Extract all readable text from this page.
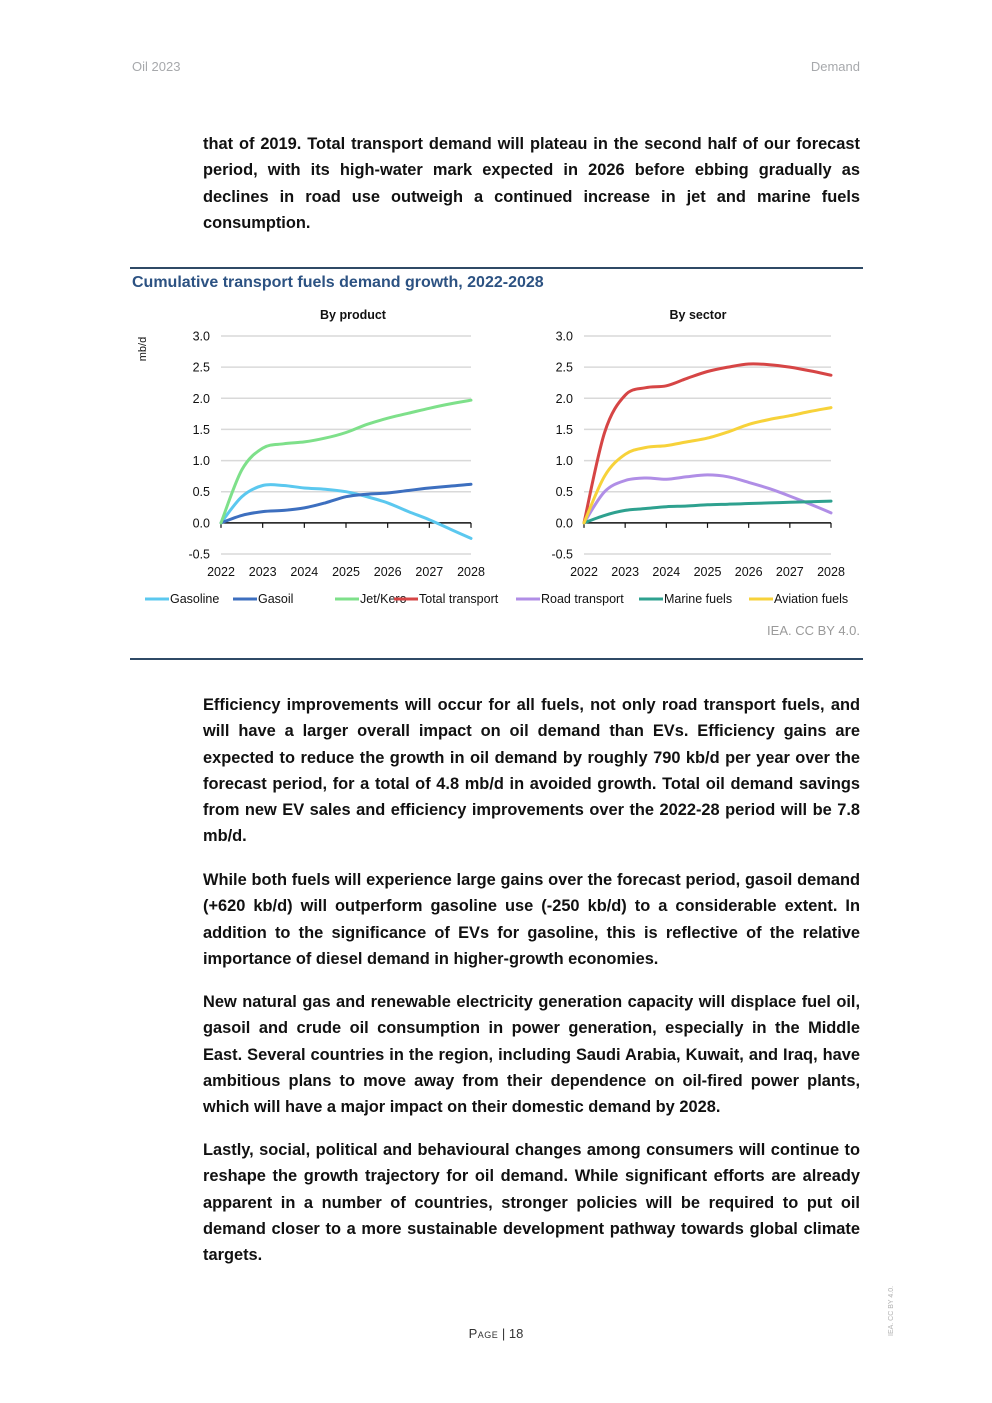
Oil 2023	Demand

that of 2019. Total transport demand will plateau in the second half of our forecast period, with its high-water mark expected in 2026 before ebbing gradually as declines in road use outweigh a continued increase in jet and marine fuels consumption.

Cumulative transport fuels demand growth, 2022-2028
By product
-0.5
0.0
0.5
1.0
1.5
2.0
2.5
3.0
2022 2023 2024 2025 2026 2027 2028
mb/d
By sector
-0.5
0.0
0.5
1.0
1.5
2.0
2.5
3.0
2022 2023 2024 2025 2026 2027 2028
Gasoline	Gasoil	Jet/Kero Total transport	Road transport	Marine fuels	Aviation fuels
IEA. CC BY 4.0.

Efficiency improvements will occur for all fuels, not only road transport fuels, and will have a larger overall impact on oil demand than EVs. Efficiency gains are expected to reduce the growth in oil demand by roughly 790 kb/d per year over the forecast period, for a total of 4.8 mb/d in avoided growth. Total oil demand savings from new EV sales and efficiency improvements over the 2022-28 period will be 7.8 mb/d.

While both fuels will experience large gains over the forecast period, gasoil demand (+620 kb/d) will outperform gasoline use (-250 kb/d) to a considerable extent. In addition to the significance of EVs for gasoline, this is reflective of the relative importance of diesel demand in higher-growth economies.

New natural gas and renewable electricity generation capacity will displace fuel oil, gasoil and crude oil consumption in power generation, especially in the Middle East. Several countries in the region, including Saudi Arabia, Kuwait, and Iraq, have ambitious plans to move away from their dependence on oil-fired power plants, which will have a major impact on their domestic demand by 2028.

Lastly, social, political and behavioural changes among consumers will continue to reshape the growth trajectory for oil demand. While significant efforts are already apparent in a number of countries, stronger policies will be required to put oil demand closer to a more sustainable development pathway towards global climate targets.

Page | 18	IEA. CC BY 4.0.
